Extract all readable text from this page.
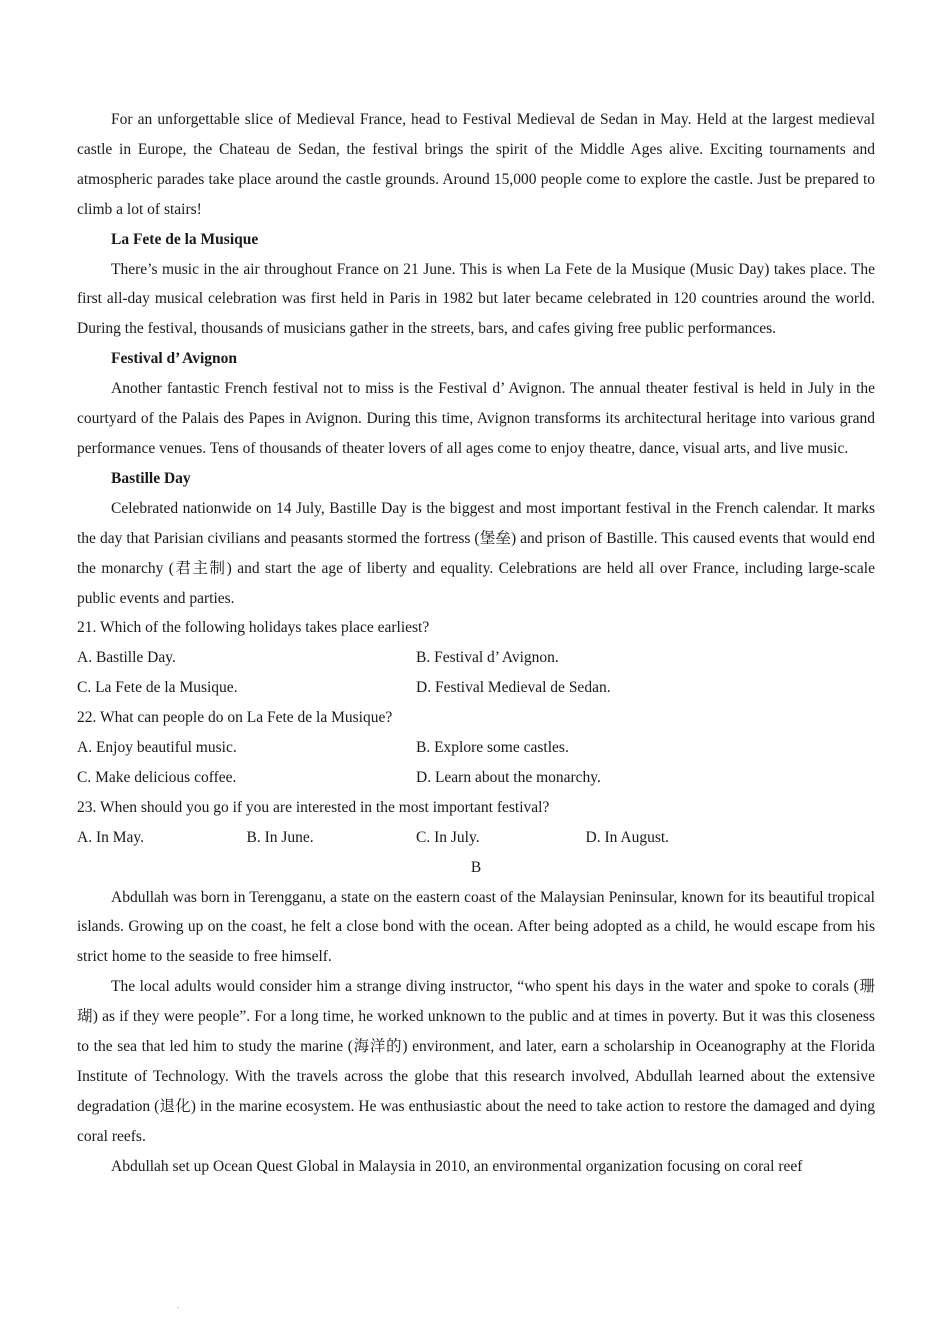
For an unforgettable slice of Medieval France, head to Festival Medieval de Sedan in May. Held at the largest medieval castle in Europe, the Chateau de Sedan, the festival brings the spirit of the Middle Ages alive. Exciting tournaments and atmospheric parades take place around the castle grounds. Around 15,000 people come to explore the castle. Just be prepared to climb a lot of stairs!

La Fete de la Musique

There’s music in the air throughout France on 21 June. This is when La Fete de la Musique (Music Day) takes place. The first all-day musical celebration was first held in Paris in 1982 but later became celebrated in 120 countries around the world. During the festival, thousands of musicians gather in the streets, bars, and cafes giving free public performances.

Festival d’ Avignon

Another fantastic French festival not to miss is the Festival d’ Avignon. The annual theater festival is held in July in the courtyard of the Palais des Papes in Avignon. During this time, Avignon transforms its architectural heritage into various grand performance venues. Tens of thousands of theater lovers of all ages come to enjoy theatre, dance, visual arts, and live music.

Bastille Day

Celebrated nationwide on 14 July, Bastille Day is the biggest and most important festival in the French calendar. It marks the day that Parisian civilians and peasants stormed the fortress (堡垒) and prison of Bastille. This caused events that would end the monarchy (君主制) and start the age of liberty and equality. Celebrations are held all over France, including large-scale public events and parties.

21. Which of the following holidays takes place earliest?

A. Bastille Day.	B. Festival d’ Avignon.
C. La Fete de la Musique.	D. Festival Medieval de Sedan.

22. What can people do on La Fete de la Musique?

A. Enjoy beautiful music.	B. Explore some castles.
C. Make delicious coffee.	D. Learn about the monarchy.

23. When should you go if you are interested in the most important festival?

A. In May.	B. In June.	C. In July.	D. In August.

B

Abdullah was born in Terengganu, a state on the eastern coast of the Malaysian Peninsular, known for its beautiful tropical islands. Growing up on the coast, he felt a close bond with the ocean. After being adopted as a child, he would escape from his strict home to the seaside to free himself.

The local adults would consider him a strange diving instructor, “who spent his days in the water and spoke to corals (珊瑚) as if they were people”. For a long time, he worked unknown to the public and at times in poverty. But it was this closeness to the sea that led him to study the marine (海洋的) environment, and later, earn a scholarship in Oceanography at the Florida Institute of Technology. With the travels across the globe that this research involved, Abdullah learned about the extensive degradation (退化) in the marine ecosystem. He was enthusiastic about the need to take action to restore the damaged and dying coral reefs.

Abdullah set up Ocean Quest Global in Malaysia in 2010, an environmental organization focusing on coral reef

.
